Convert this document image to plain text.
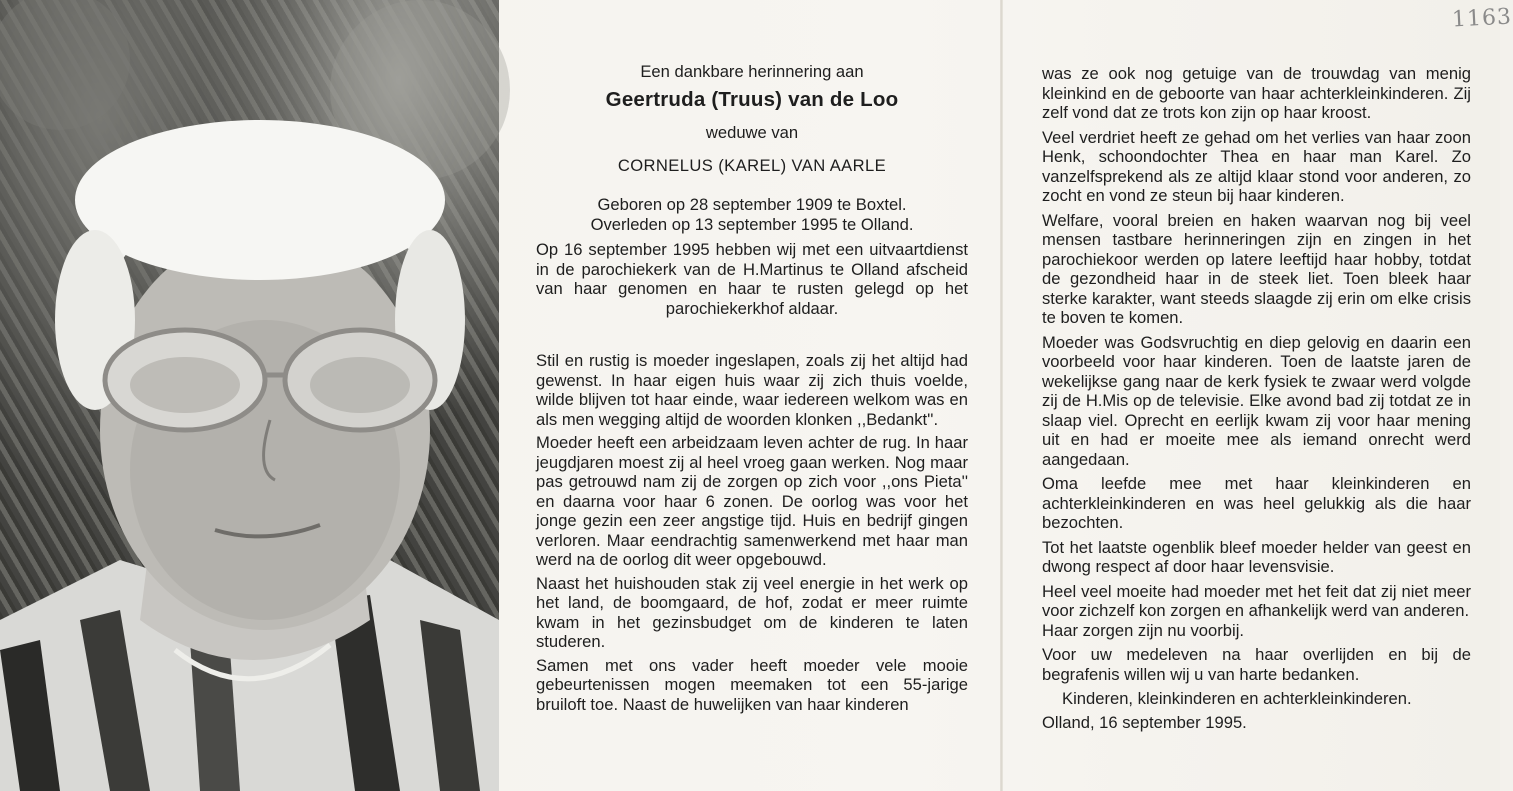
1163
Een dankbare herinnering aan
Geertruda (Truus) van de Loo
weduwe van
CORNELUS (KAREL) VAN AARLE
Geboren op 28 september 1909 te Boxtel.
Overleden op 13 september 1995 te Olland.

Op 16 september 1995 hebben wij met een uitvaartdienst in de parochiekerk van de H.Martinus te Olland afscheid van haar genomen en haar te rusten gelegd op het parochiekerkhof aldaar.

Stil en rustig is moeder ingeslapen, zoals zij het altijd had gewenst. In haar eigen huis waar zij zich thuis voelde, wilde blijven tot haar einde, waar iedereen welkom was en als men wegging altijd de woorden klonken ,,Bedankt''.

Moeder heeft een arbeidzaam leven achter de rug. In haar jeugdjaren moest zij al heel vroeg gaan werken. Nog maar pas getrouwd nam zij de zorgen op zich voor ,,ons Pieta'' en daarna voor haar 6 zonen. De oorlog was voor het jonge gezin een zeer angstige tijd. Huis en bedrijf gingen verloren. Maar eendrachtig samenwerkend met haar man werd na de oorlog dit weer opgebouwd.

Naast het huishouden stak zij veel energie in het werk op het land, de boomgaard, de hof, zodat er meer ruimte kwam in het gezinsbudget om de kinderen te laten studeren.

Samen met ons vader heeft moeder vele mooie gebeurtenissen mogen meemaken tot een 55-jarige bruiloft toe. Naast de huwelijken van haar kinderen

was ze ook nog getuige van de trouwdag van menig kleinkind en de geboorte van haar achterkleinkinderen. Zij zelf vond dat ze trots kon zijn op haar kroost.

Veel verdriet heeft ze gehad om het verlies van haar zoon Henk, schoondochter Thea en haar man Karel. Zo vanzelfsprekend als ze altijd klaar stond voor anderen, zo zocht en vond ze steun bij haar kinderen.

Welfare, vooral breien en haken waarvan nog bij veel mensen tastbare herinneringen zijn en zingen in het parochiekoor werden op latere leeftijd haar hobby, totdat de gezondheid haar in de steek liet. Toen bleek haar sterke karakter, want steeds slaagde zij erin om elke crisis te boven te komen.

Moeder was Godsvruchtig en diep gelovig en daarin een voorbeeld voor haar kinderen. Toen de laatste jaren de wekelijkse gang naar de kerk fysiek te zwaar werd volgde zij de H.Mis op de televisie. Elke avond bad zij totdat ze in slaap viel. Oprecht en eerlijk kwam zij voor haar mening uit en had er moeite mee als iemand onrecht werd aangedaan.

Oma leefde mee met haar kleinkinderen en achterkleinkinderen en was heel gelukkig als die haar bezochten.

Tot het laatste ogenblik bleef moeder helder van geest en dwong respect af door haar levensvisie.

Heel veel moeite had moeder met het feit dat zij niet meer voor zichzelf kon zorgen en afhankelijk werd van anderen.

Haar zorgen zijn nu voorbij.

Voor uw medeleven na haar overlijden en bij de begrafenis willen wij u van harte bedanken.

Kinderen, kleinkinderen en achterkleinkinderen.

Olland, 16 september 1995.
